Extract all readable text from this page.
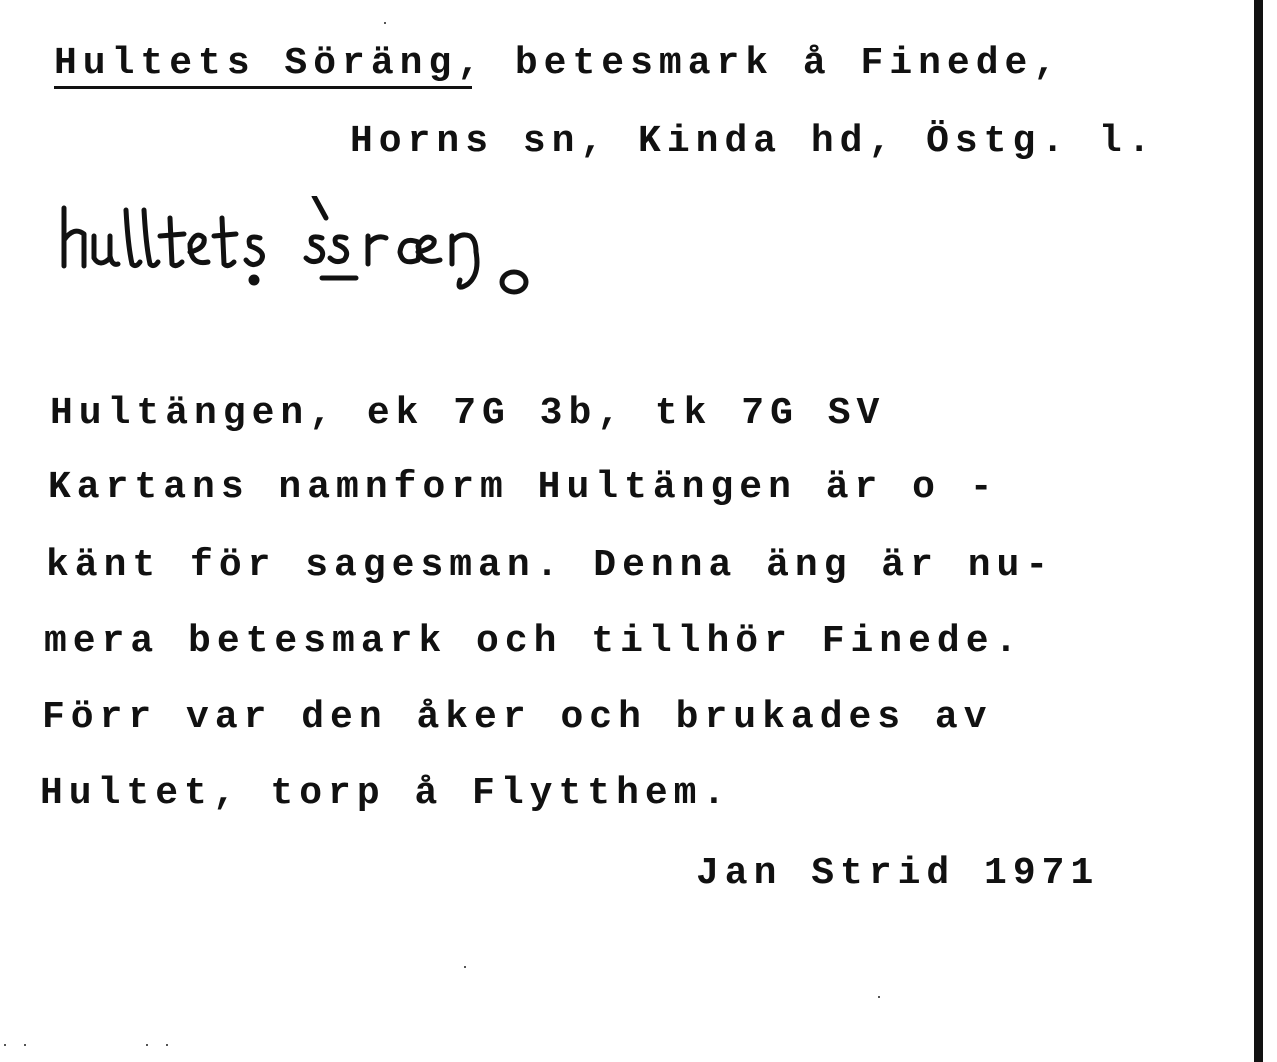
Hultets Söräng, betesmark å Finede,
Horns sn, Kinda hd, Östg. l.
Hultängen, ek 7G 3b, tk 7G SV
Kartans namnform Hultängen är o -
känt för sagesman. Denna äng är nu-
mera betesmark och tillhör Finede.
Förr var den åker och brukades av
Hultet, torp å Flytthem.
Jan Strid 1971
